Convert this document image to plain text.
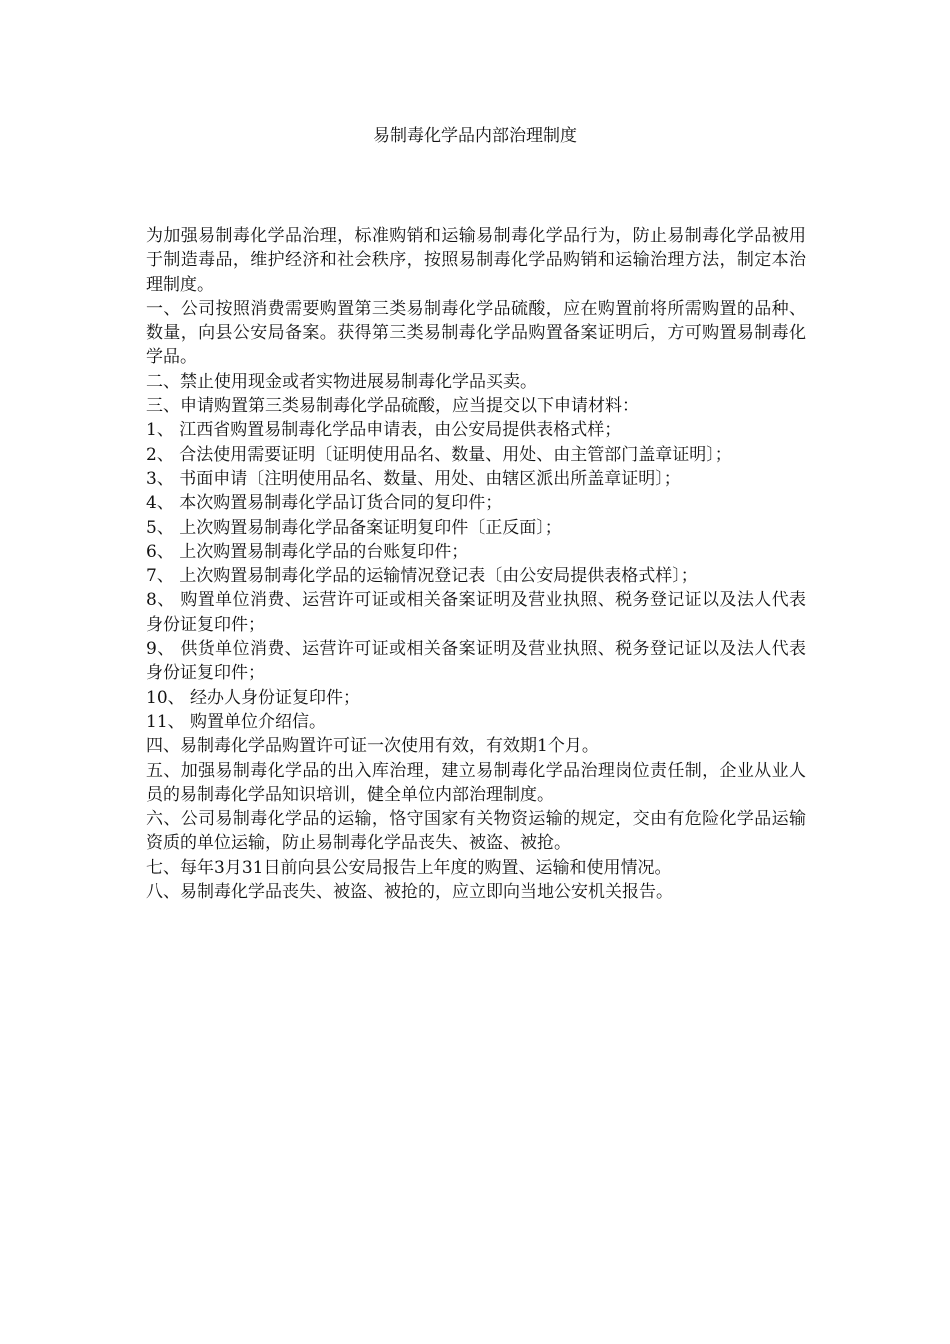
易制毒化学品内部治理制度

为加强易制毒化学品治理，标准购销和运输易制毒化学品行为，防止易制毒化学品被用于制造毒品，维护经济和社会秩序，按照易制毒化学品购销和运输治理方法，制定本治理制度。

一、公司按照消费需要购置第三类易制毒化学品硫酸，应在购置前将所需购置的品种、数量，向县公安局备案。获得第三类易制毒化学品购置备案证明后，方可购置易制毒化学品。

二、禁止使用现金或者实物进展易制毒化学品买卖。

三、申请购置第三类易制毒化学品硫酸，应当提交以下申请材料：

1、 江西省购置易制毒化学品申请表，由公安局提供表格式样；

2、 合法使用需要证明〔证明使用品名、数量、用处、由主管部门盖章证明〕；

3、 书面申请〔注明使用品名、数量、用处、由辖区派出所盖章证明〕；

4、 本次购置易制毒化学品订货合同的复印件；

5、 上次购置易制毒化学品备案证明复印件〔正反面〕；

6、 上次购置易制毒化学品的台账复印件；

7、 上次购置易制毒化学品的运输情况登记表〔由公安局提供表格式样〕；

8、 购置单位消费、运营许可证或相关备案证明及营业执照、税务登记证以及法人代表身份证复印件；

9、 供货单位消费、运营许可证或相关备案证明及营业执照、税务登记证以及法人代表身份证复印件；

10、 经办人身份证复印件；

11、 购置单位介绍信。

四、易制毒化学品购置许可证一次使用有效，有效期1个月。

五、加强易制毒化学品的出入库治理，建立易制毒化学品治理岗位责任制，企业从业人员的易制毒化学品知识培训，健全单位内部治理制度。

六、公司易制毒化学品的运输，恪守国家有关物资运输的规定，交由有危险化学品运输资质的单位运输，防止易制毒化学品丧失、被盗、被抢。

七、每年3月31日前向县公安局报告上年度的购置、运输和使用情况。

八、易制毒化学品丧失、被盗、被抢的，应立即向当地公安机关报告。
